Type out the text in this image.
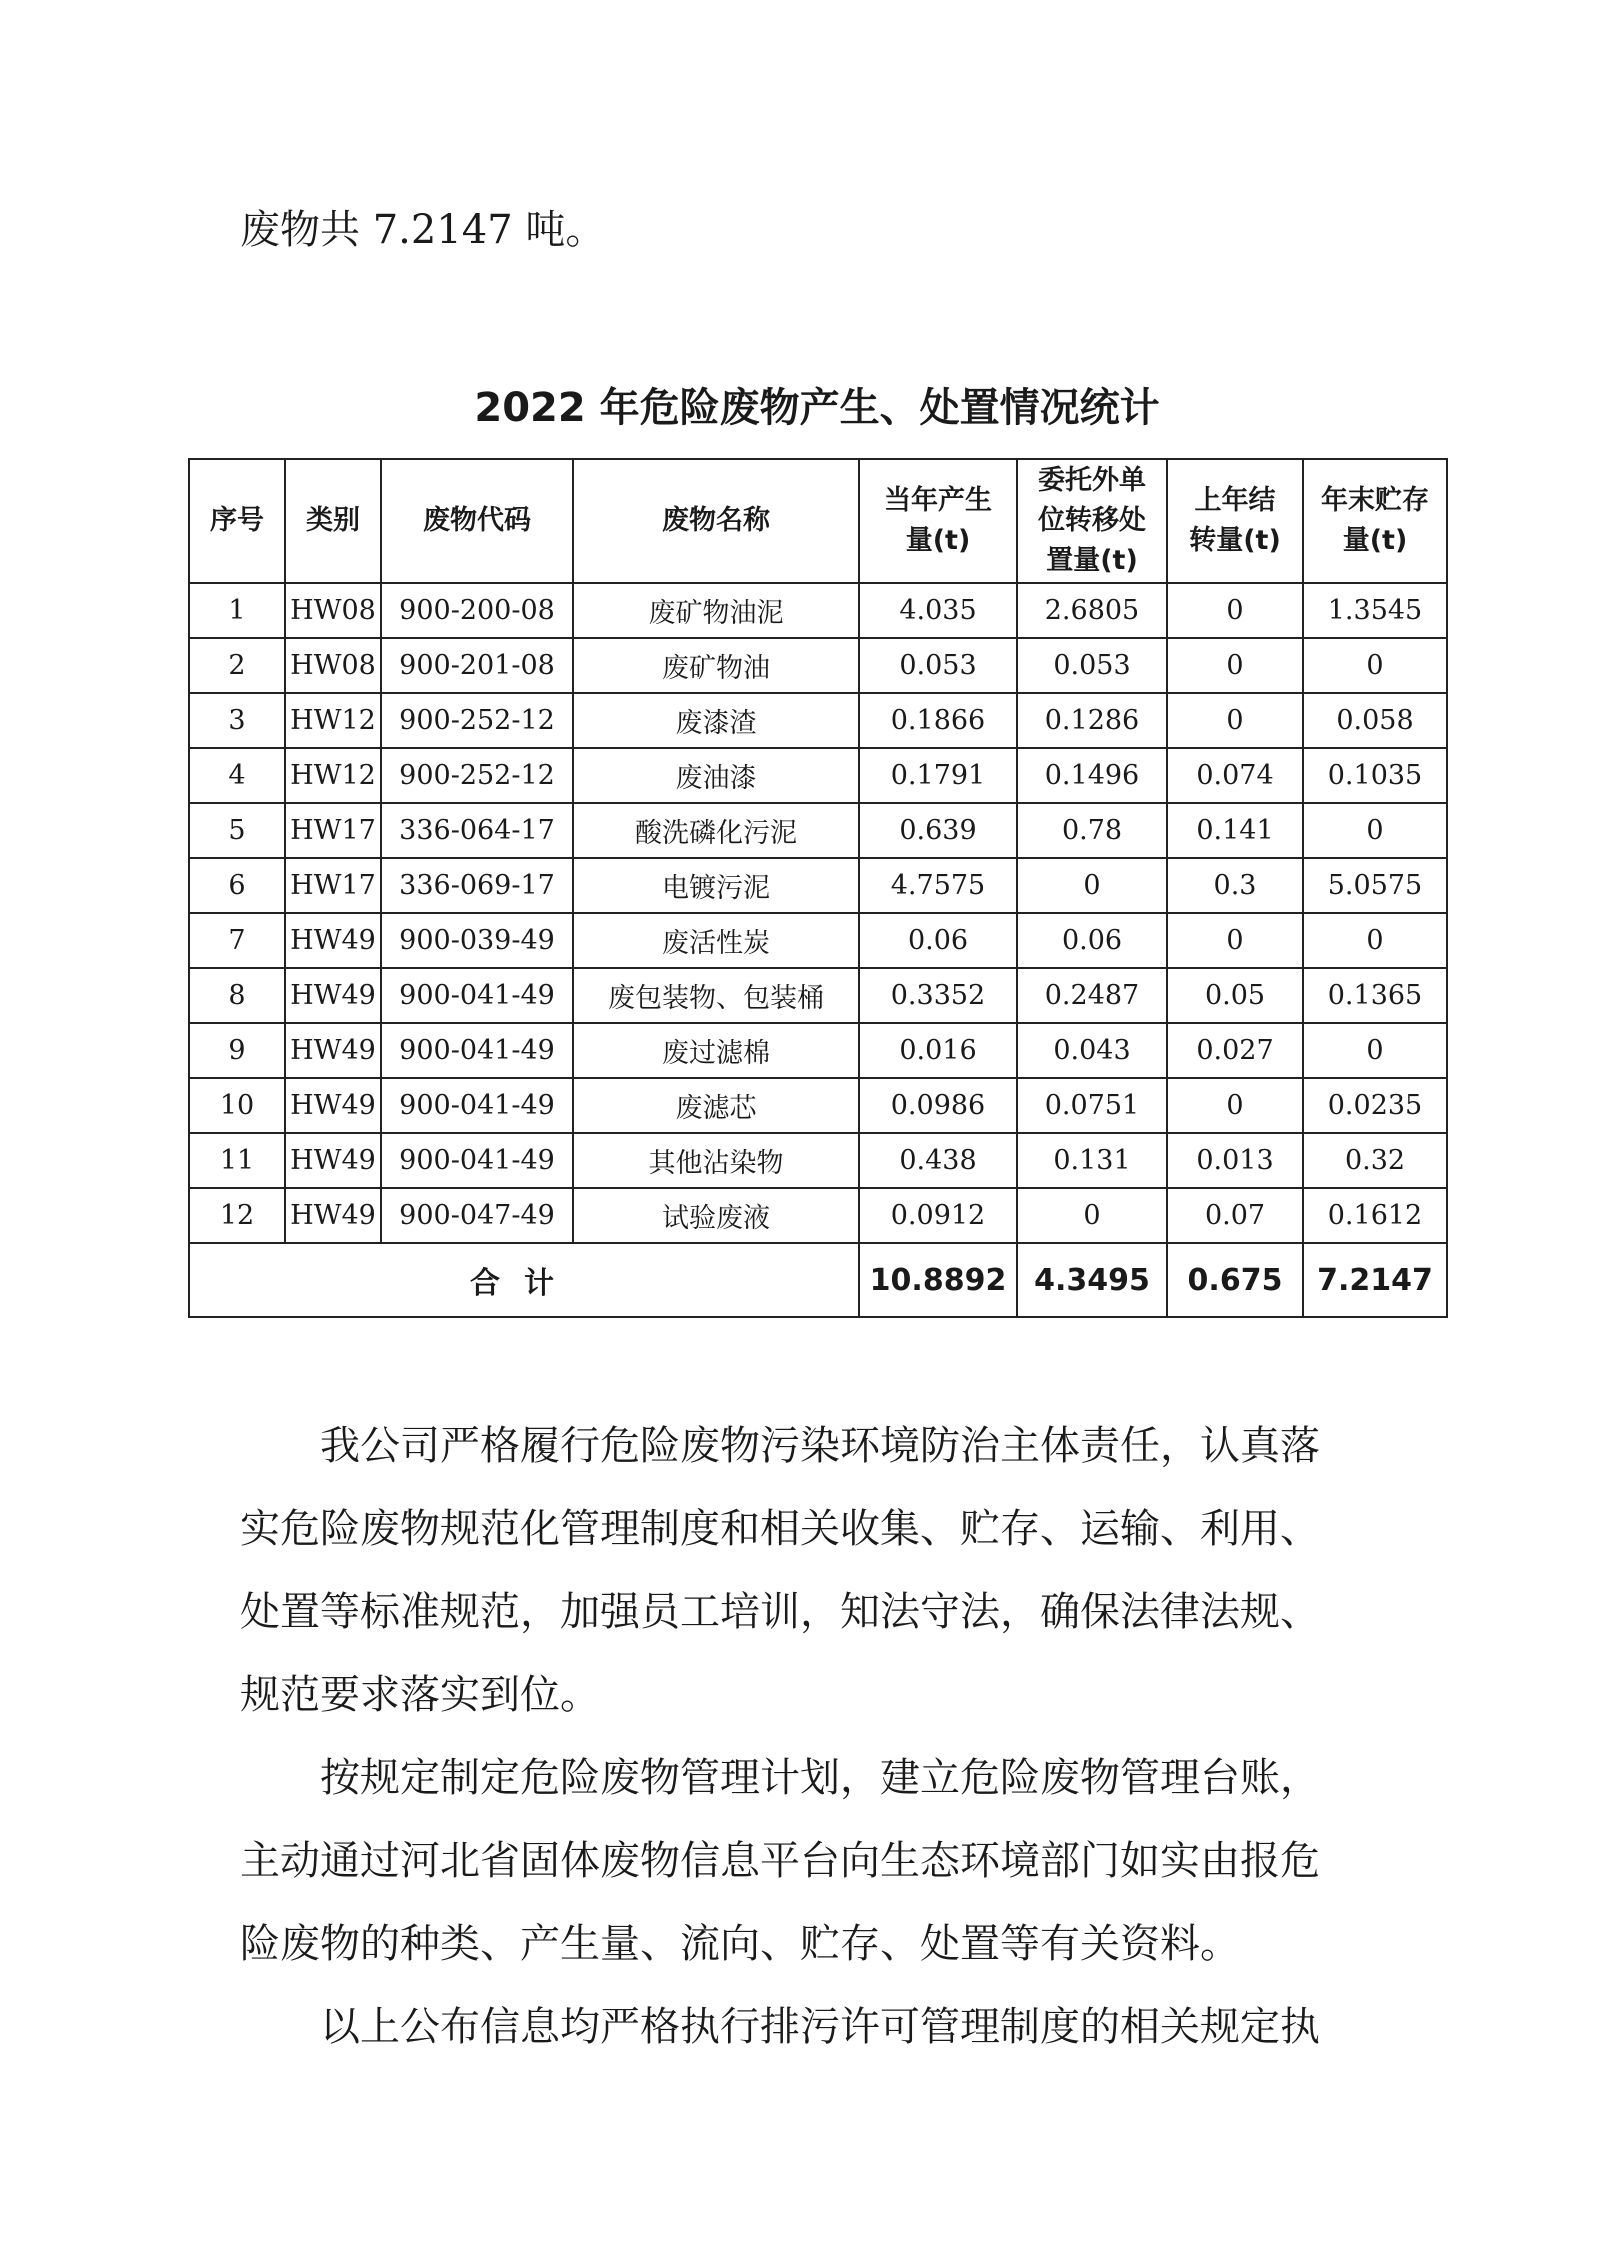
废物共 7.2147 吨。
2022 年危险废物产生、处置情况统计
序号	类别	废物代码	废物名称	当年产生量(t)	委托外单位转移处置量(t)	上年结转量(t)	年末贮存量(t)
1	HW08	900-200-08	废矿物油泥	4.035	2.6805	0	1.3545
2	HW08	900-201-08	废矿物油	0.053	0.053	0	0
3	HW12	900-252-12	废漆渣	0.1866	0.1286	0	0.058
4	HW12	900-252-12	废油漆	0.1791	0.1496	0.074	0.1035
5	HW17	336-064-17	酸洗磷化污泥	0.639	0.78	0.141	0
6	HW17	336-069-17	电镀污泥	4.7575	0	0.3	5.0575
7	HW49	900-039-49	废活性炭	0.06	0.06	0	0
8	HW49	900-041-49	废包装物、包装桶	0.3352	0.2487	0.05	0.1365
9	HW49	900-041-49	废过滤棉	0.016	0.043	0.027	0
10	HW49	900-041-49	废滤芯	0.0986	0.0751	0	0.0235
11	HW49	900-041-49	其他沾染物	0.438	0.131	0.013	0.32
12	HW49	900-047-49	试验废液	0.0912	0	0.07	0.1612
合计				10.8892	4.3495	0.675	7.2147

我公司严格履行危险废物污染环境防治主体责任，认真落实危险废物规范化管理制度和相关收集、贮存、运输、利用、处置等标准规范，加强员工培训，知法守法，确保法律法规、规范要求落实到位。

按规定制定危险废物管理计划，建立危险废物管理台账，主动通过河北省固体废物信息平台向生态环境部门如实由报危险废物的种类、产生量、流向、贮存、处置等有关资料。

以上公布信息均严格执行排污许可管理制度的相关规定执
